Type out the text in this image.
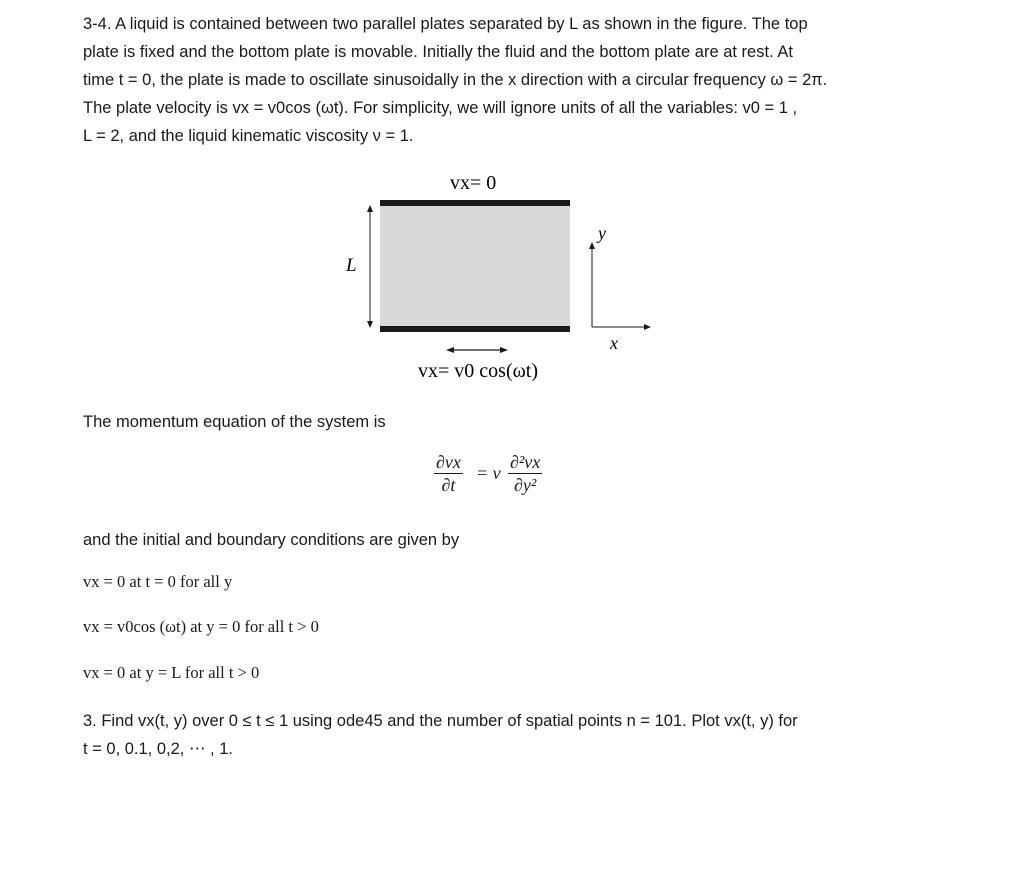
3-4. A liquid is contained between two parallel plates separated by L as shown in the figure. The top
plate is fixed and the bottom plate is movable. Initially the fluid and the bottom plate are at rest. At
time t = 0, the plate is made to oscillate sinusoidally in the x direction with a circular frequency ω = 2π.
The plate velocity is vx = v0cos (ωt). For simplicity, we will ignore units of all the variables: v0 = 1 ,
L = 2, and the liquid kinematic viscosity ν = 1.
vx= 0
L
vx= v0 cos(ωt)
y
x
The momentum equation of the system is
$\frac{\partial vx}{\partial t} = \nu \frac{\text{∂²vx}}{\text{∂y²}}$
and the initial and boundary conditions are given by
vx = 0 at t = 0 for all y
vx = v0cos (ωt) at y = 0 for all t > 0
vx = 0 at y = L for all t > 0
3. Find vx(t, y) over 0 ≤ t ≤ 1 using ode45 and the number of spatial points n = 101. Plot vx(t, y) for
t = 0, 0.1, 0,2, ⋯ , 1.
